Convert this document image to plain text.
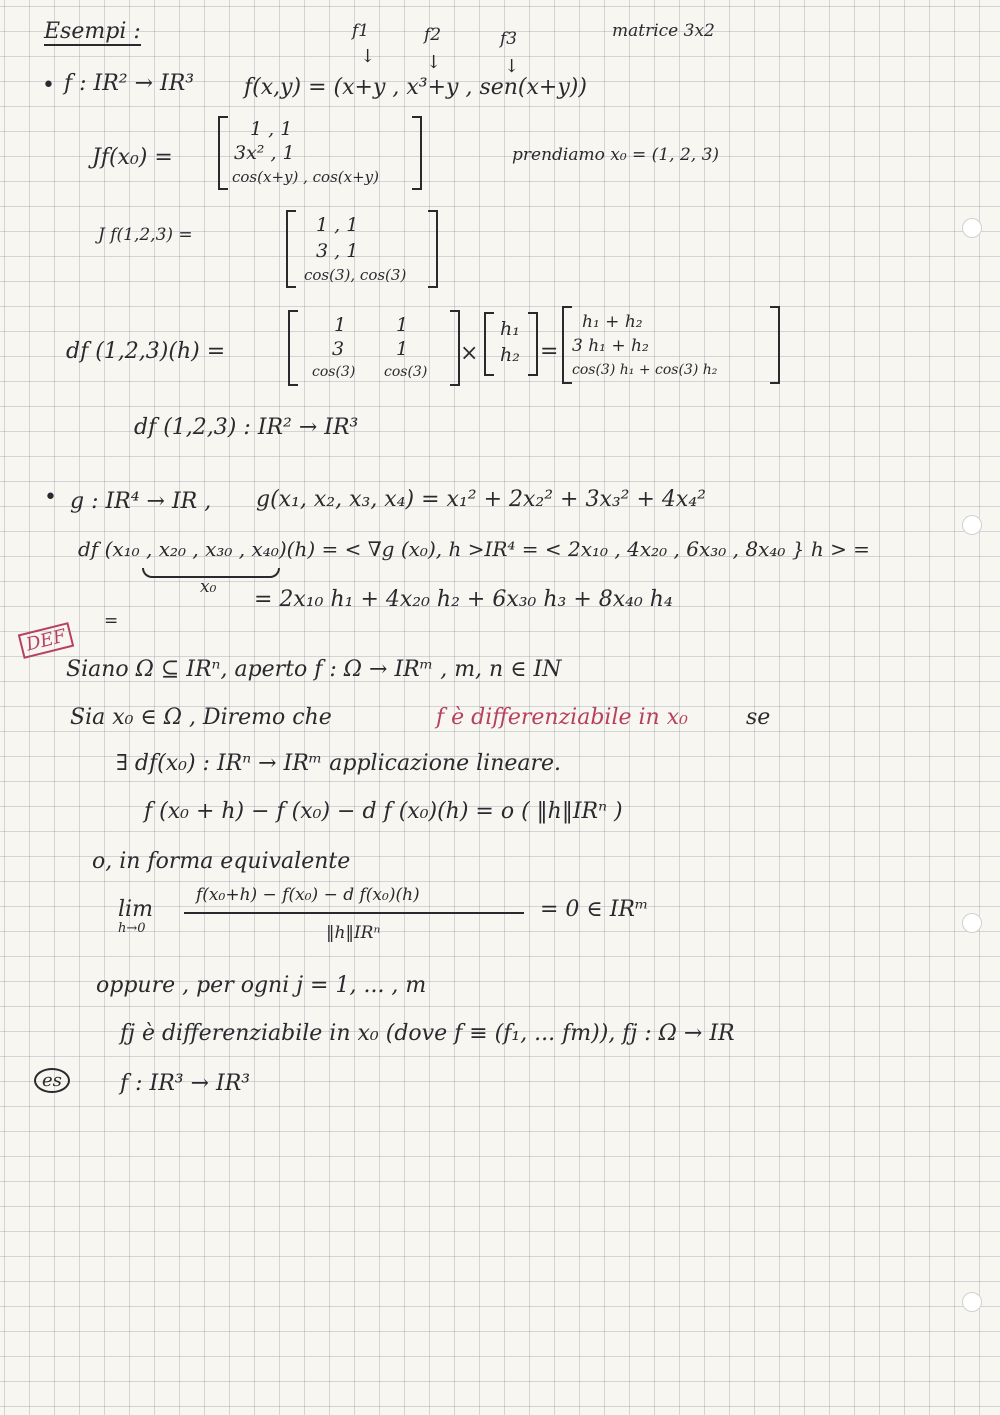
Esempi :	f1	f2	f3
↓	↓	↓
matrice 3x2
• f : IR² → IR³ f(x,y) = (x+y , x³+y , sen(x+y))
Jf(x₀) =
1 , 1
3x² , 1
cos(x+y) , cos(x+y)
prendiamo x₀ = (1, 2, 3)
J f(1,2,3) =	1 , 1
3 , 1
cos(3), cos(3)
df (1,2,3)(h) =
1	1
3	1
cos(3) cos(3)
×
h₁
h₂ =
h₁ + h₂
3 h₁ + h₂
cos(3) h₁ + cos(3) h₂
df (1,2,3) : IR² → IR³
• g : IR⁴ → IR , g(x₁, x₂, x₃, x₄) = x₁² + 2x₂² + 3x₃² + 4x₄²
df (x₁₀ , x₂₀ , x₃₀ , x₄₀)(h) = < ∇g (x₀), h >IR⁴ = < 2x₁₀ , 4x₂₀ , 6x₃₀ , 8x₄₀ } h > =
x₀ = 2x₁₀ h₁ + 4x₂₀ h₂ + 6x₃₀ h₃ + 8x₄₀ h₄
=
DEF
Siano Ω ⊆ IRⁿ, aperto f : Ω → IRᵐ , m, n ∈ IN
Sia x₀ ∈ Ω , Diremo che	f è differenziabile in x₀	se
∃ df(x₀) : IRⁿ → IRᵐ applicazione lineare.
f (x₀ + h) − f (x₀) − d f (x₀)(h) = o ( ‖h‖IRⁿ )
o, in forma equivalente
lim
h→0
f(x₀+h) − f(x₀) − d f(x₀)(h)
‖h‖IRⁿ
= 0 ∈ IRᵐ
oppure , per ogni j = 1, ... , m
fj è differenziabile in x₀ (dove f ≡ (f₁, ... fm)), fj : Ω → IR
es	f : IR³ → IR³
